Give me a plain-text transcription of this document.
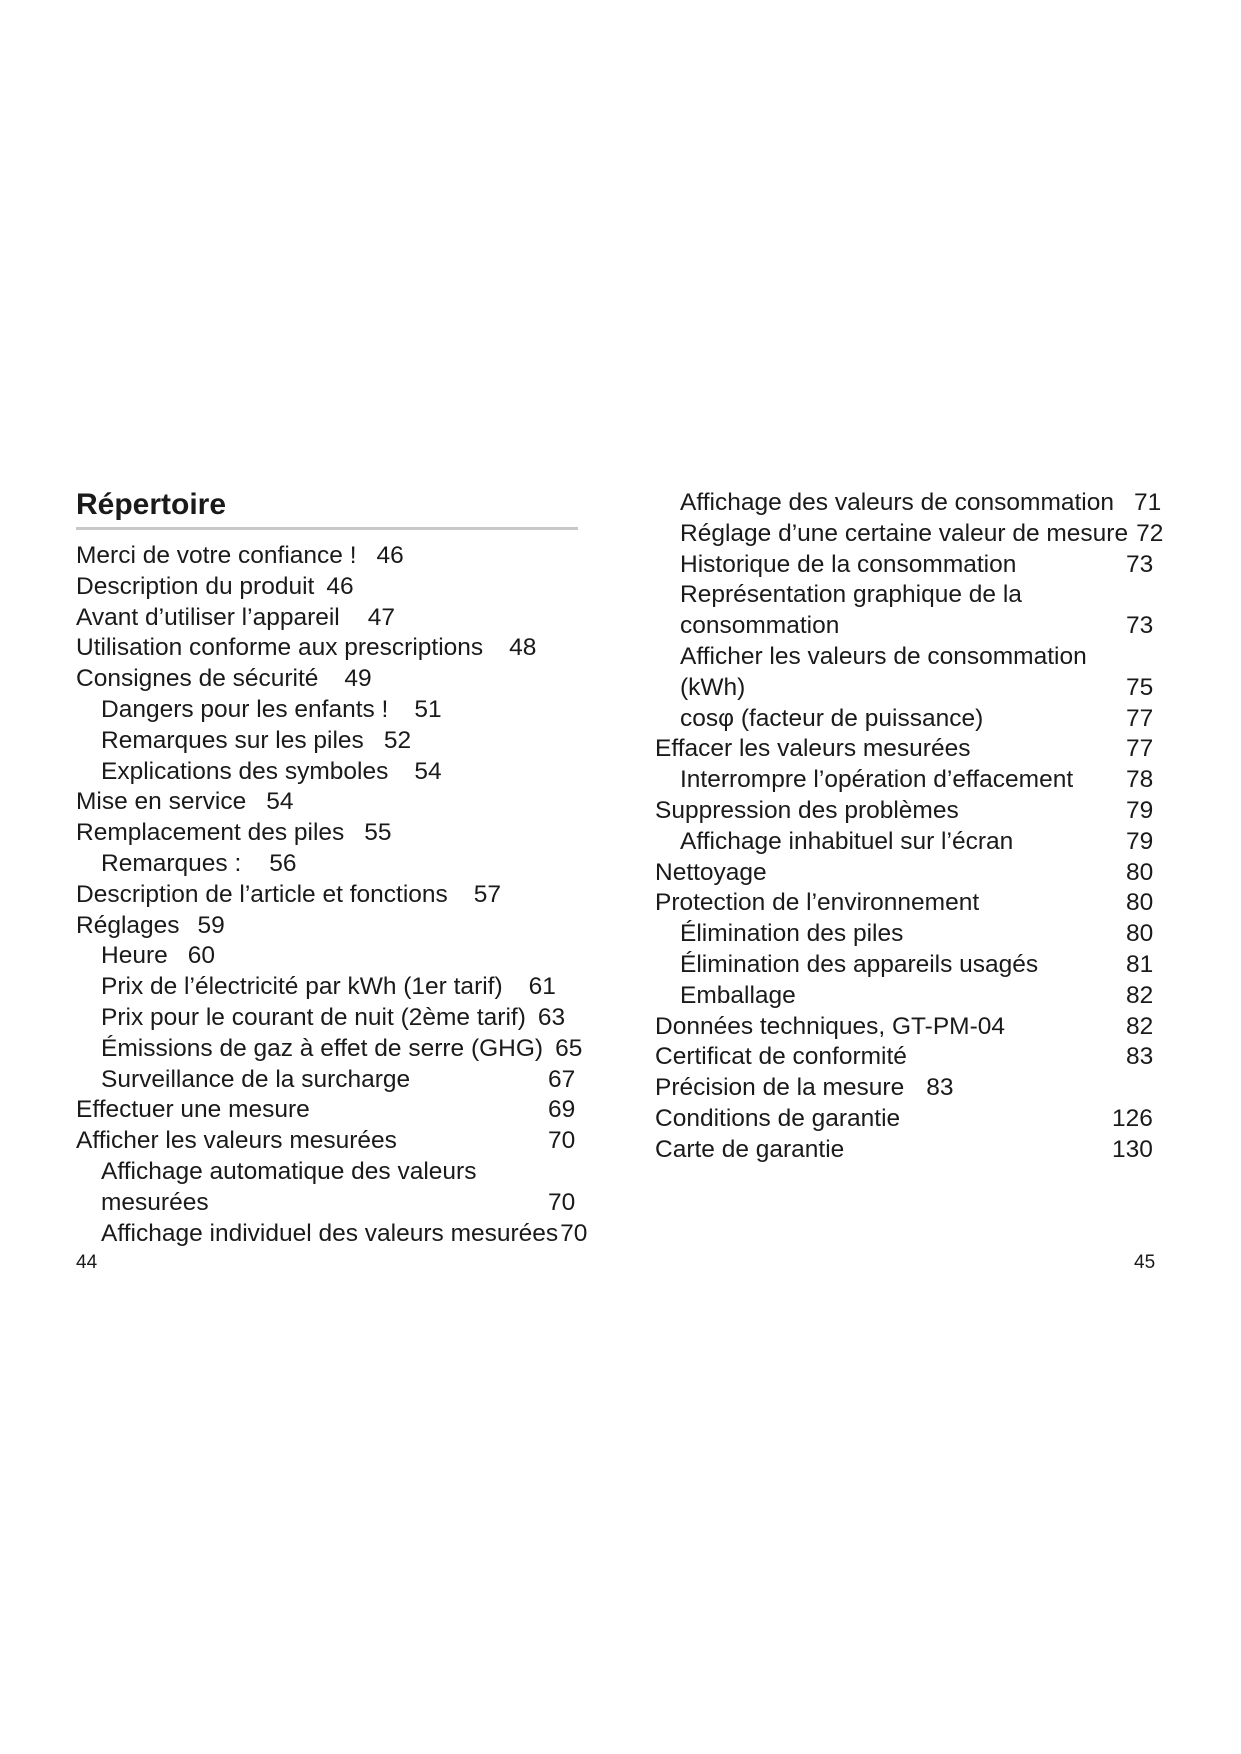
Répertoire
Merci de votre confiance ! 46
Description du produit 46
Avant d’utiliser l’appareil 47
Utilisation conforme aux prescriptions 48
Consignes de sécurité 49
Dangers pour les enfants ! 51
Remarques sur les piles 52
Explications des symboles 54
Mise en service 54
Remplacement des piles 55
Remarques : 56
Description de l’article et fonctions 57
Réglages 59
Heure 60
Prix de l’électricité par kWh (1er tarif) 61
Prix pour le courant de nuit (2ème tarif) 63
Émissions de gaz à effet de serre (GHG) 65
Surveillance de la surcharge	67
Effectuer une mesure	69
Afficher les valeurs mesurées	70
Affichage automatique des valeurs
mesurées	70
Affichage individuel des valeurs mesurées70
Affichage des valeurs de consommation 71
Réglage d’une certaine valeur de mesure 72
Historique de la consommation	73
Représentation graphique de la
consommation	73
Afficher les valeurs de consommation
(kWh)	75
cosφ (facteur de puissance)	77
Effacer les valeurs mesurées	77
Interrompre l’opération d’effacement 78
Suppression des problèmes	79
Affichage inhabituel sur l’écran	79
Nettoyage	80
Protection de l’environnement	80
Élimination des piles	80
Élimination des appareils usagés	81
Emballage	82
Données techniques, GT-PM-04	82
Certificat de conformité	83
Précision de la mesure 83
Conditions de garantie	126
Carte de garantie	130
44	45
